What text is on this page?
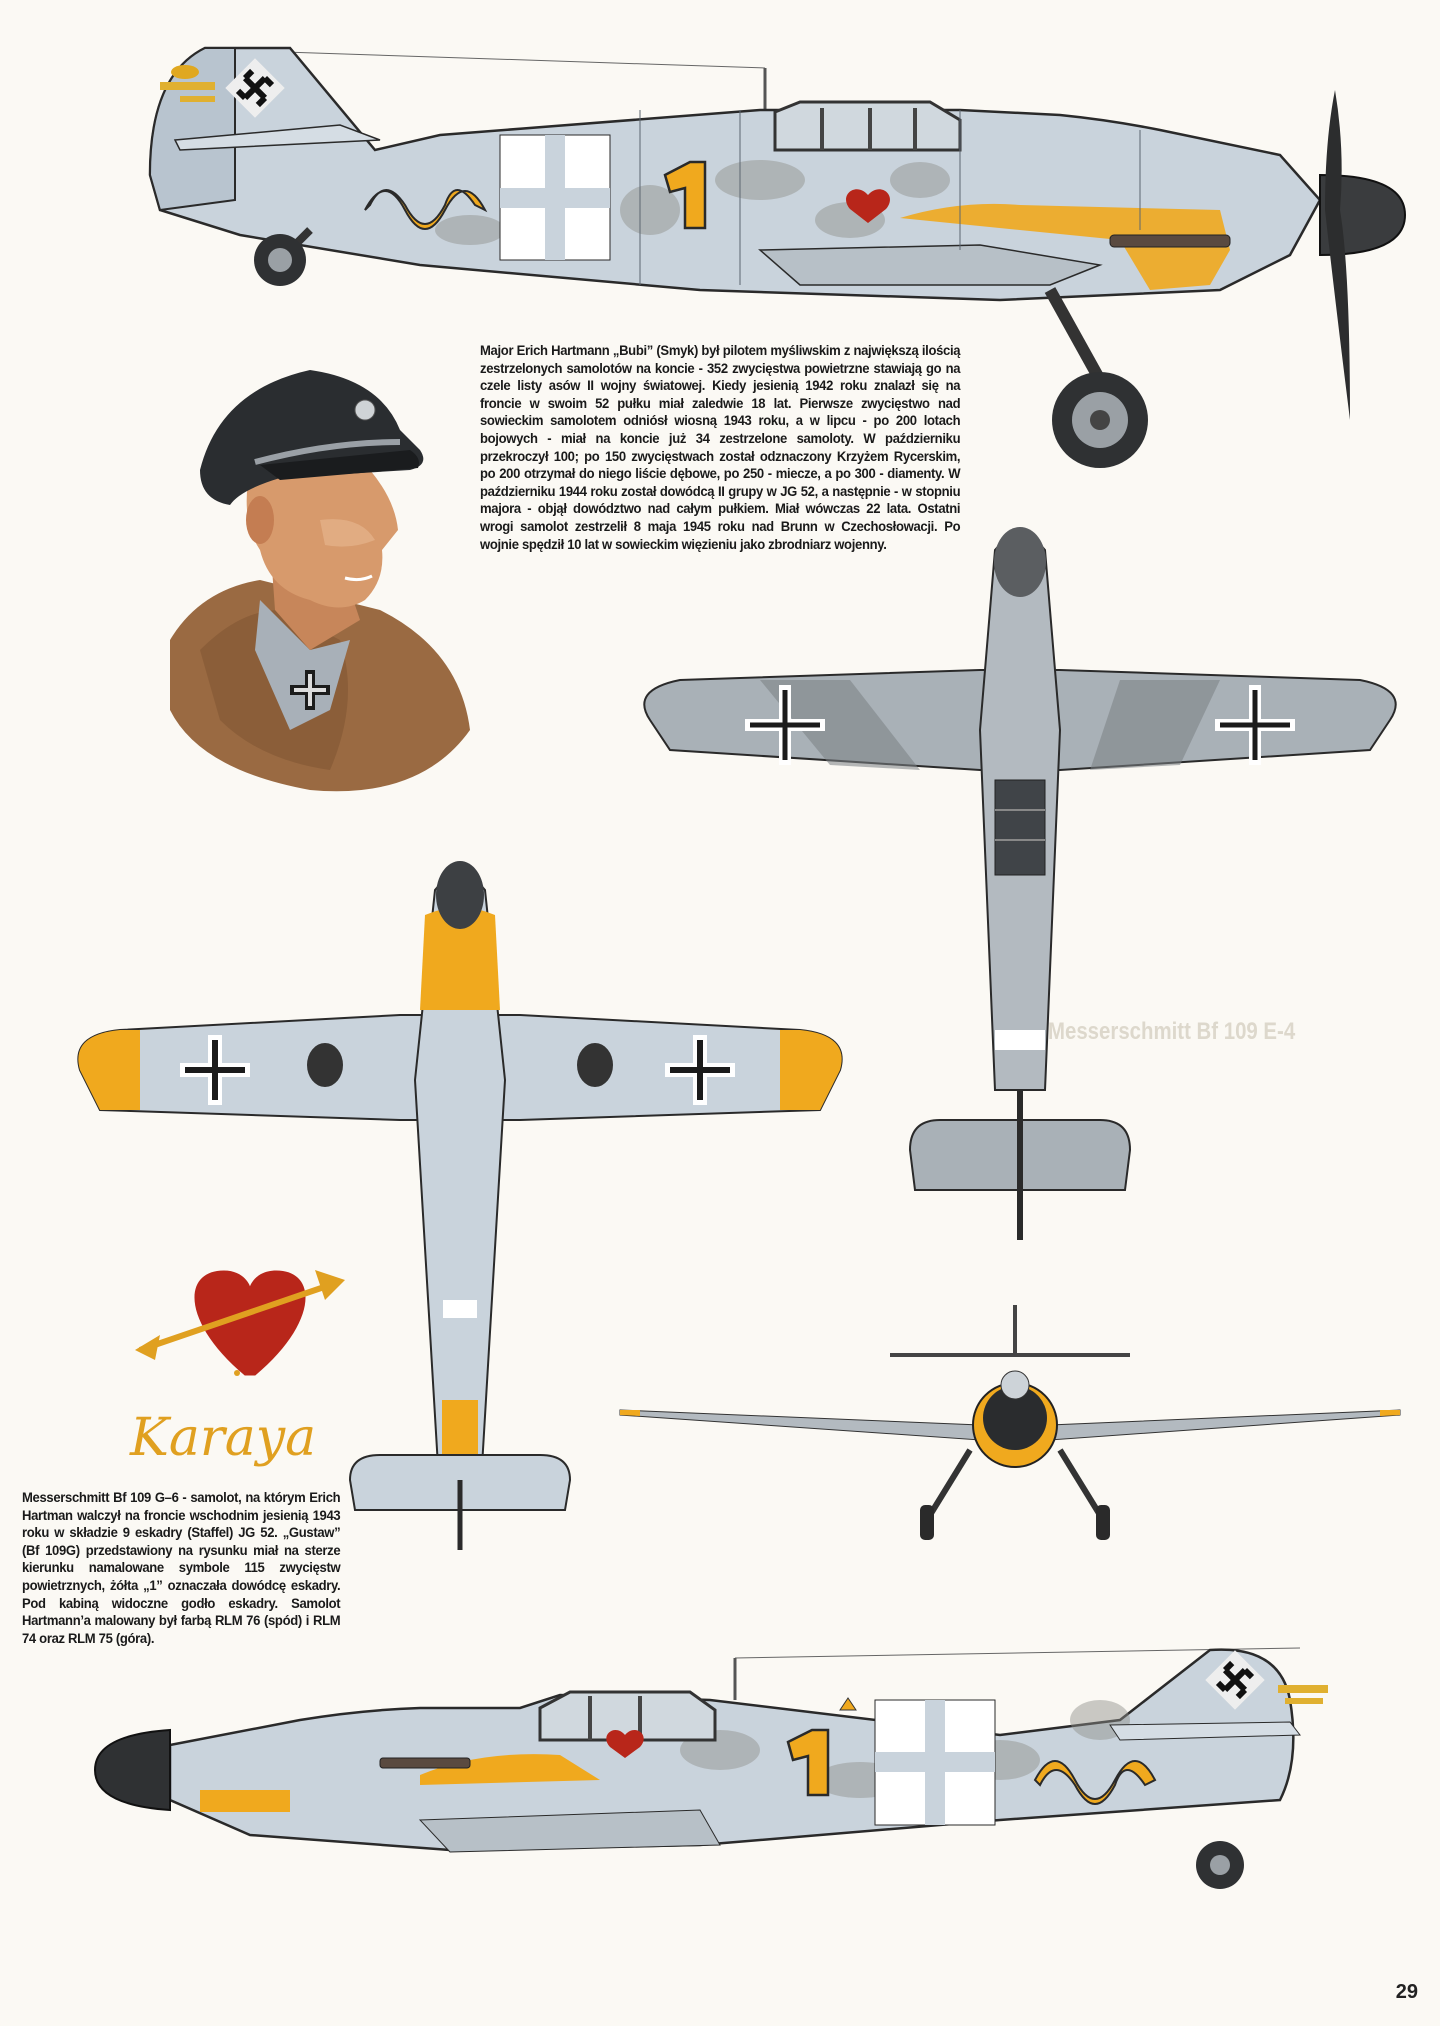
Messerschmitt Bf 109 E-4
Major Erich Hartmann „Bubi” (Smyk) był pilotem myśliwskim z największą ilością zestrzelonych samolotów na koncie - 352 zwycięstwa powietrzne stawiają go na czele listy asów II wojny światowej. Kiedy jesienią 1942 roku znalazł się na froncie w swoim 52 pułku miał zaledwie 18 lat. Pierwsze zwycięstwo nad sowieckim samolotem odniósł wiosną 1943 roku, a w lipcu - po 200 lotach bojowych - miał na koncie już 34 zestrzelone samoloty. W październiku przekroczył 100; po 150 zwycięstwach został odznaczony Krzyżem Rycerskim, po 200 otrzymał do niego liście dębowe, po 250 - miecze, a po 300 - diamenty. W październiku 1944 roku został dowódcą II grupy w JG 52, a następnie - w stopniu majora - objął dowództwo nad całym pułkiem. Miał wówczas 22 lata. Ostatni wrogi samolot zestrzelił 8 maja 1945 roku nad Brunn w Czechosłowacji. Po wojnie spędził 10 lat w sowieckim więzieniu jako zbrodniarz wojenny.
Karaya
Messerschmitt Bf 109 G–6 - samolot, na którym Erich Hartman walczył na froncie wschodnim jesienią 1943 roku w składzie 9 eskadry (Staffel) JG 52. „Gustaw” (Bf 109G) przedstawiony na rysunku miał na sterze kierunku namalowane symbole 115 zwycięstw powietrznych, żółta „1” oznaczała dowódcę eskadry. Pod kabiną widoczne godło eskadry. Samolot Hartmann’a malowany był farbą RLM 76 (spód) i RLM 74 oraz RLM 75 (góra).
29
